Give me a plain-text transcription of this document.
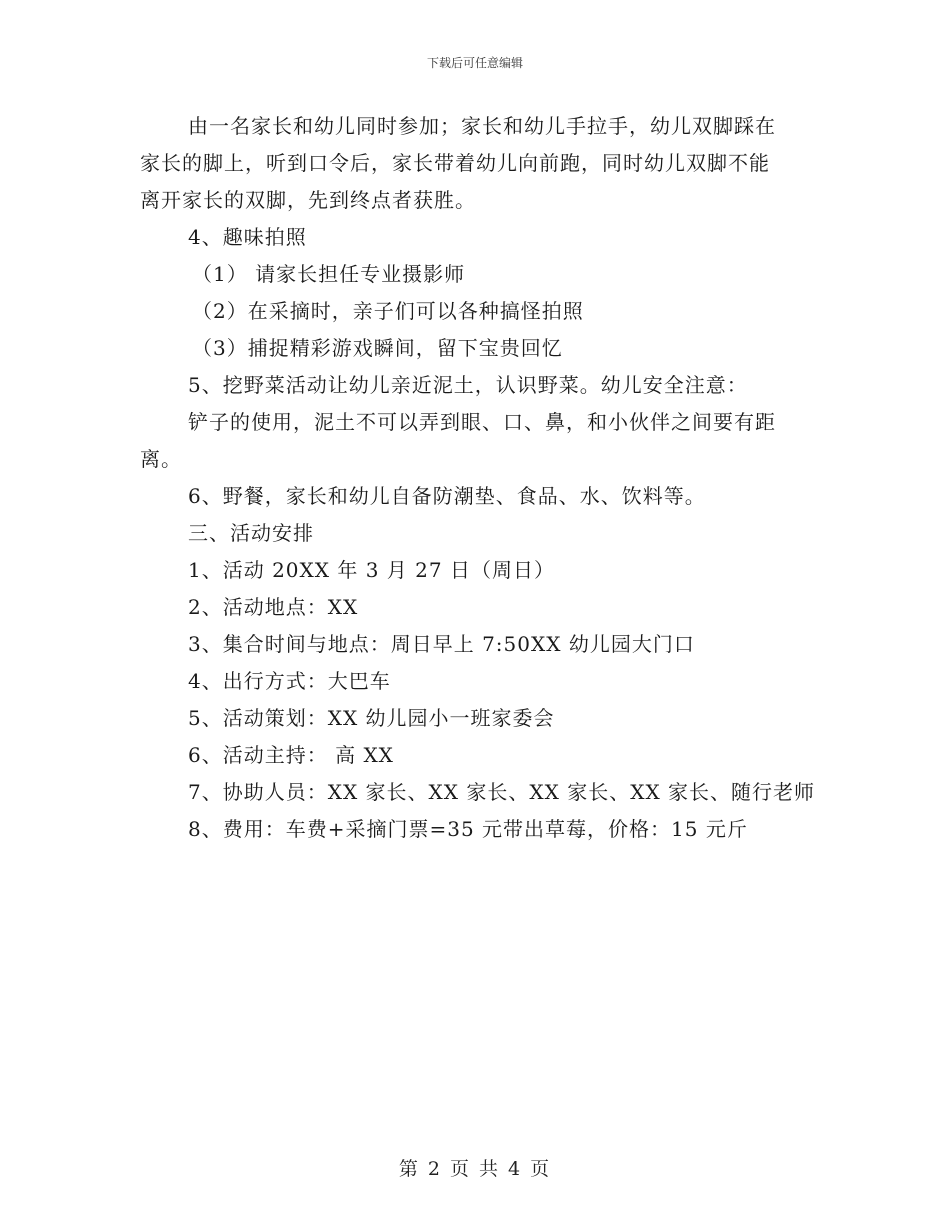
下载后可任意编辑
由一名家长和幼儿同时参加；家长和幼儿手拉手，幼儿双脚踩在
家长的脚上，听到口令后，家长带着幼儿向前跑，同时幼儿双脚不能
离开家长的双脚，先到终点者获胜。
4、趣味拍照
（1） 请家长担任专业摄影师
（2）在采摘时，亲子们可以各种搞怪拍照
（3）捕捉精彩游戏瞬间，留下宝贵回忆
5、挖野菜活动让幼儿亲近泥土，认识野菜。幼儿安全注意：
铲子的使用，泥土不可以弄到眼、口、鼻，和小伙伴之间要有距
离。
6、野餐，家长和幼儿自备防潮垫、食品、水、饮料等。
三、活动安排
1、活动 20XX 年 3 月 27 日（周日）
2、活动地点：XX
3、集合时间与地点：周日早上 7:50XX 幼儿园大门口
4、出行方式：大巴车
5、活动策划：XX 幼儿园小一班家委会
6、活动主持： 高 XX
7、协助人员：XX 家长、XX 家长、XX 家长、XX 家长、随行老师
8、费用：车费+采摘门票=35 元带出草莓，价格：15 元斤
第 2 页 共 4 页
